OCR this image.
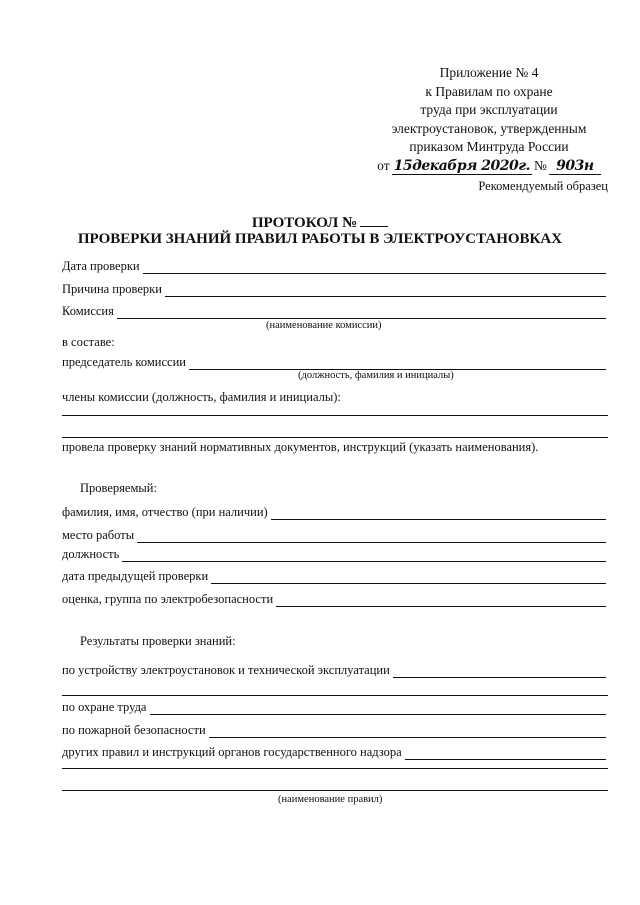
Приложение № 4
к Правилам по охране
труда при эксплуатации
электроустановок, утвержденным
приказом Минтруда России
от 15декабря 2020г. № 903н
Рекомендуемый образец
ПРОТОКОЛ №
ПРОВЕРКИ ЗНАНИЙ ПРАВИЛ РАБОТЫ В ЭЛЕКТРОУСТАНОВКАХ
Дата проверки
Причина проверки
Комиссия
(наименование комиссии)
в составе:
председатель комиссии
(должность, фамилия и инициалы)
члены комиссии (должность, фамилия и инициалы):
провела проверку знаний нормативных документов, инструкций (указать наименования).
Проверяемый:
фамилия, имя, отчество (при наличии)
место работы
должность
дата предыдущей проверки
оценка, группа по электробезопасности
Результаты проверки знаний:
по устройству электроустановок и технической эксплуатации
по охране труда
по пожарной безопасности
других правил и инструкций органов государственного надзора
(наименование правил)
